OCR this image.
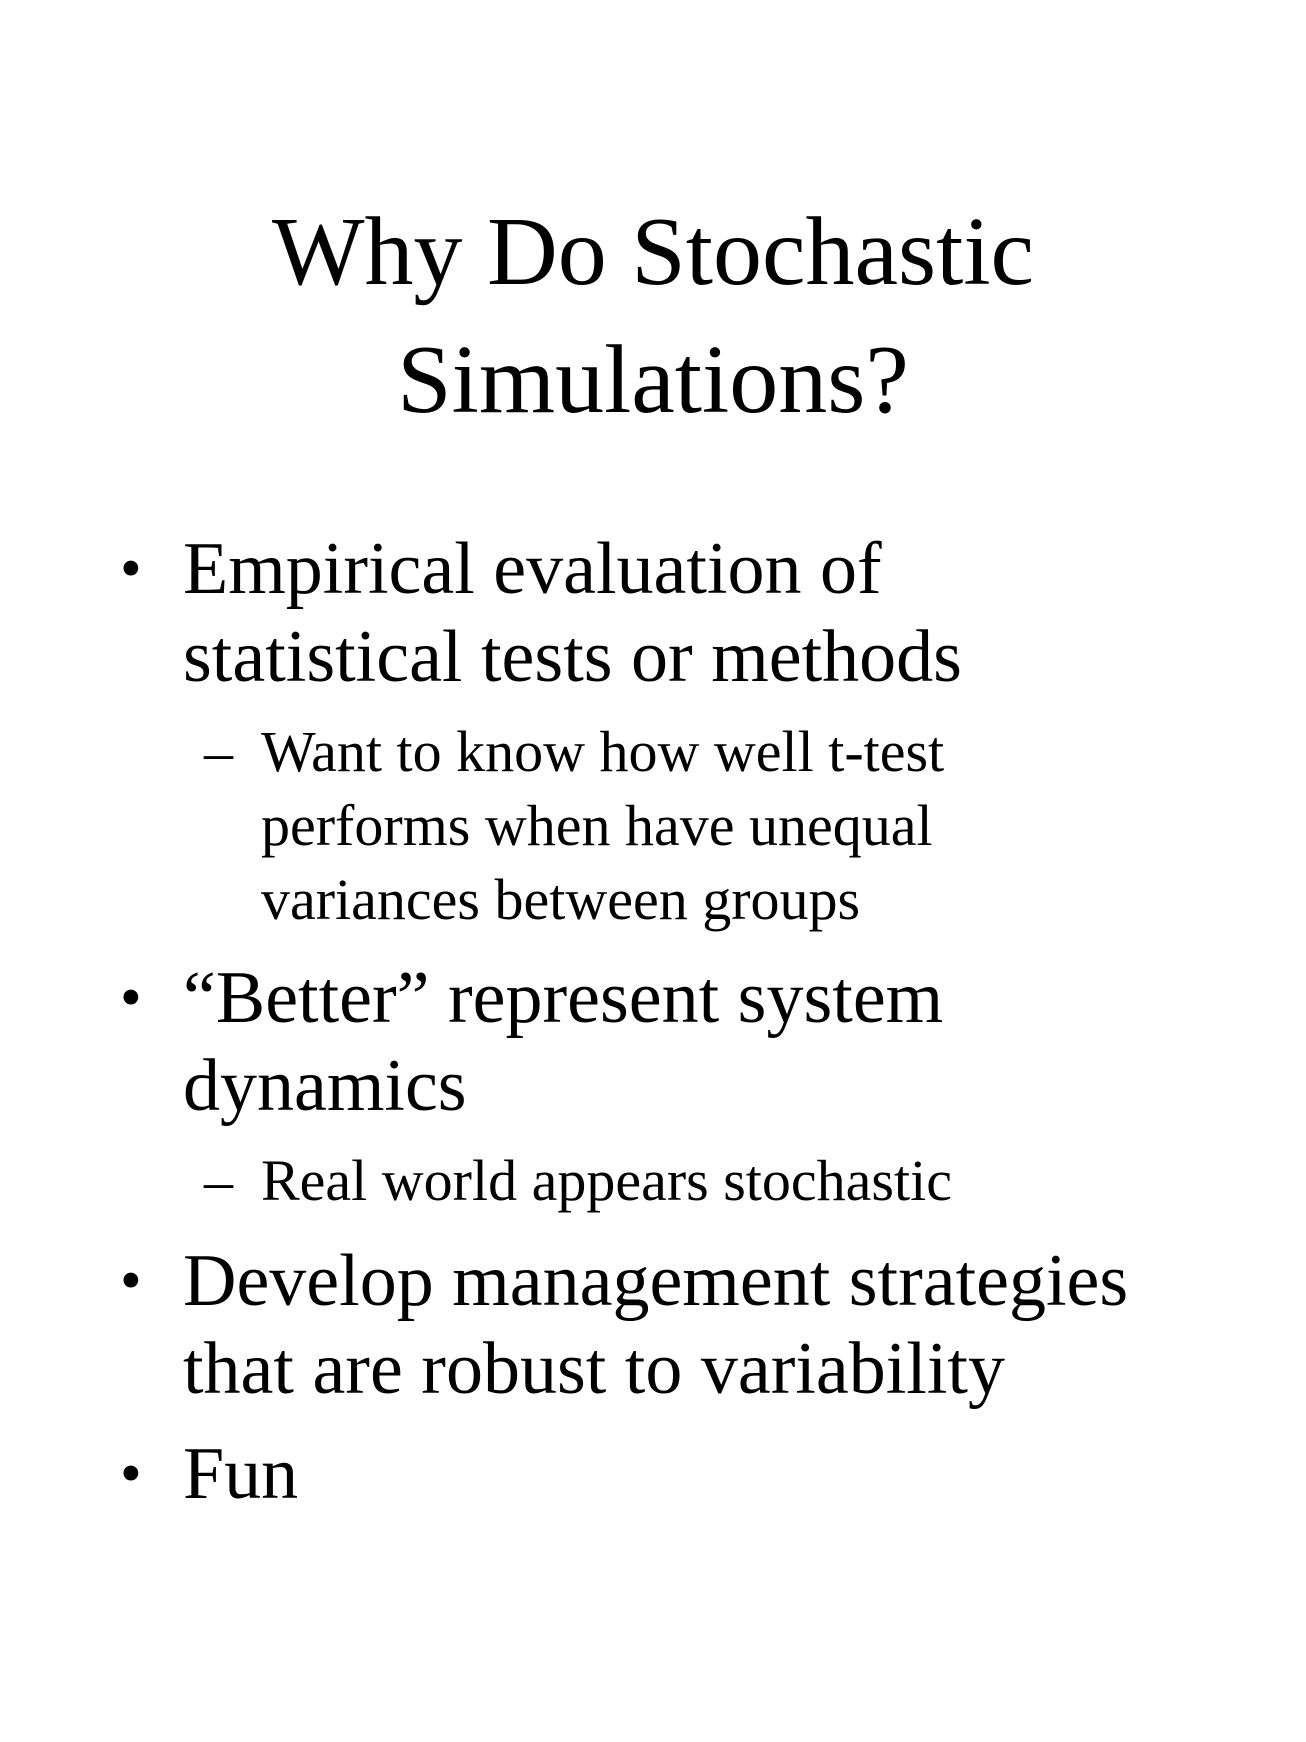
Why Do Stochastic
Simulations?
• Empirical evaluation of
statistical tests or methods
– Want to know how well t-test
performs when have unequal
variances between groups
• “Better” represent system
dynamics
– Real world appears stochastic
• Develop management strategies
that are robust to variability
• Fun
